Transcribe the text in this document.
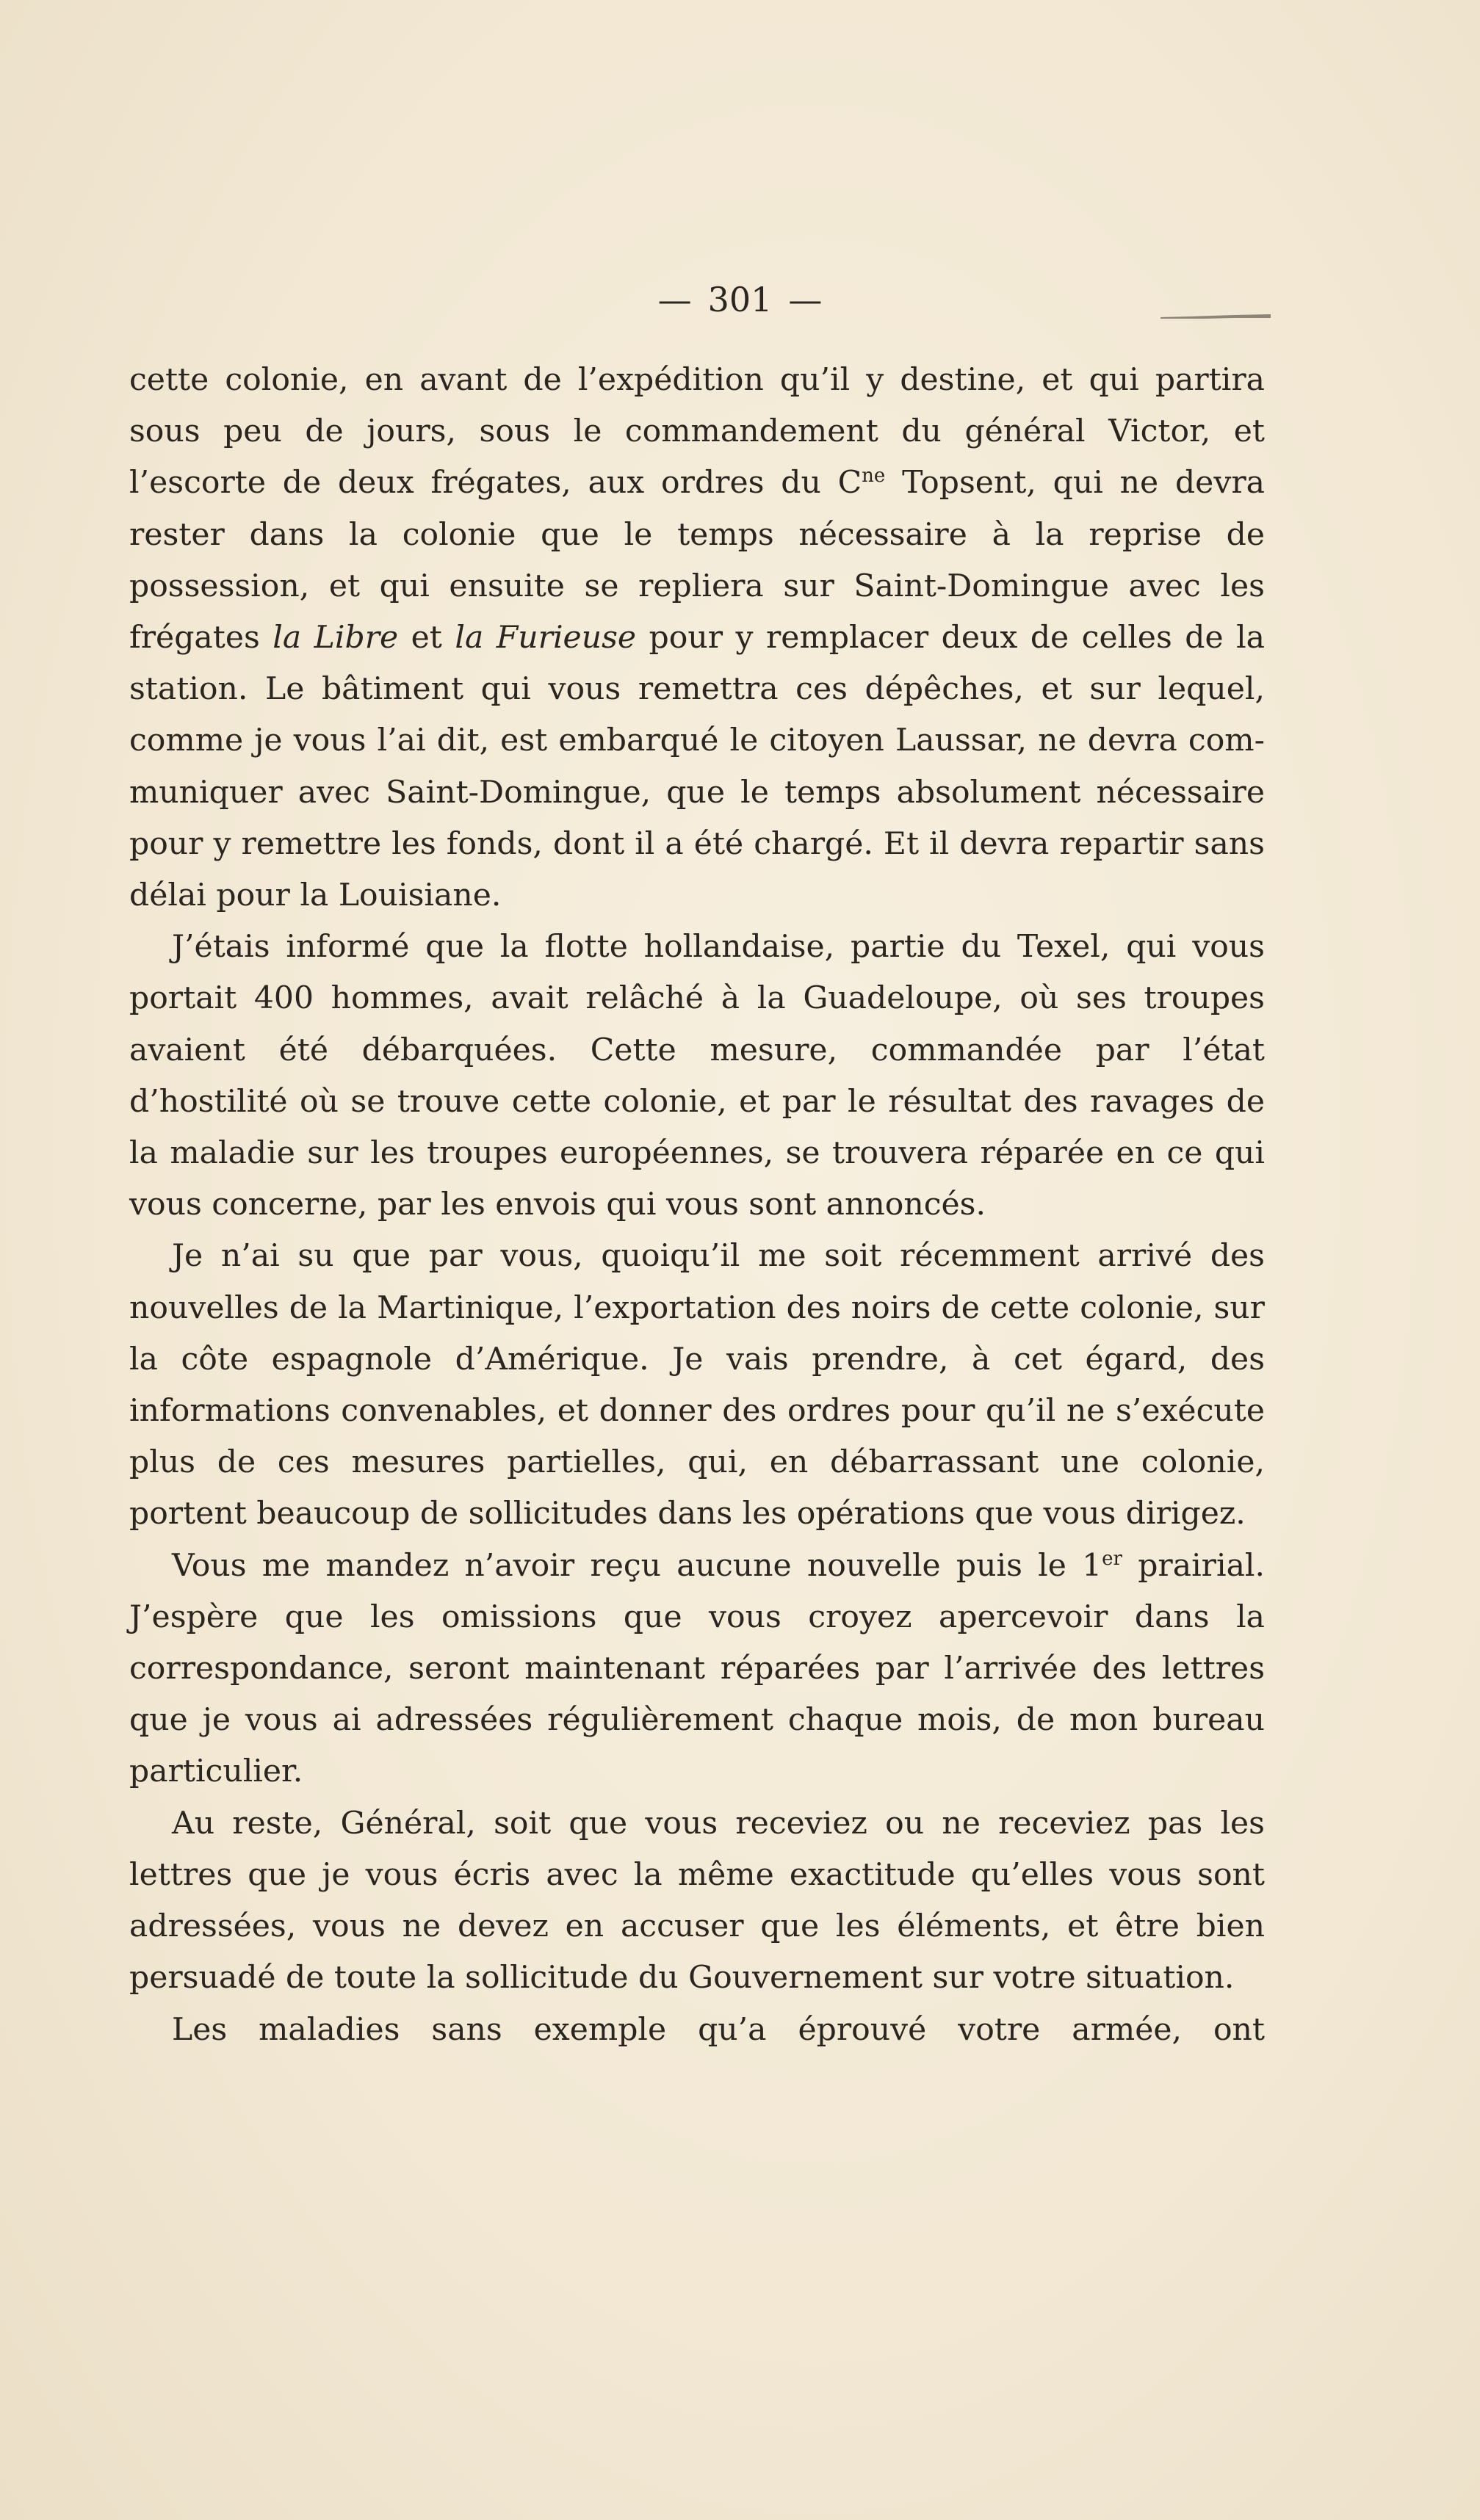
— 301 —

cette colonie, en avant de l’expédition qu’il y destine, et qui partira sous peu de jours, sous le commandement du général Victor, et l’escorte de deux frégates, aux ordres du $C^{ne}$ Topsent, qui ne devra rester dans la colonie que le temps nécessaire à la reprise de possession, et qui ensuite se repliera sur Saint-Domingue avec les frégates la Libre et la Furieuse pour y remplacer deux de celles de la station. Le bâtiment qui vous remettra ces dépêches, et sur lequel, comme je vous l’ai dit, est embarqué le citoyen Laussar, ne devra communiquer avec Saint-Domingue, que le temps absolument nécessaire pour y remettre les fonds, dont il a été chargé. Et il devra repartir sans délai pour la Louisiane.

J’étais informé que la flotte hollandaise, partie du Texel, qui vous portait 400 hommes, avait relâché à la Guadeloupe, où ses troupes avaient été débarquées. Cette mesure, commandée par l’état d’hostilité où se trouve cette colonie, et par le résultat des ravages de la maladie sur les troupes européennes, se trouvera réparée en ce qui vous concerne, par les envois qui vous sont annoncés.

Je n’ai su que par vous, quoiqu’il me soit récemment arrivé des nouvelles de la Martinique, l’exportation des noirs de cette colonie, sur la côte espagnole d’Amérique. Je vais prendre, à cet égard, des informations convenables, et donner des ordres pour qu’il ne s’exécute plus de ces mesures partielles, qui, en débarrassant une colonie, portent beaucoup de sollicitudes dans les opérations que vous dirigez.

Vous me mandez n’avoir reçu aucune nouvelle puis le 1er prairial. J’espère que les omissions que vous croyez apercevoir dans la correspondance, seront maintenant réparées par l’arrivée des lettres que je vous ai adressées régulièrement chaque mois, de mon bureau particulier.

Au reste, Général, soit que vous receviez ou ne receviez pas les lettres que je vous écris avec la même exactitude qu’elles vous sont adressées, vous ne devez en accuser que les éléments, et être bien persuadé de toute la sollicitude du Gouvernement sur votre situation.

Les maladies sans exemple qu’a éprouvé votre armée, ont
